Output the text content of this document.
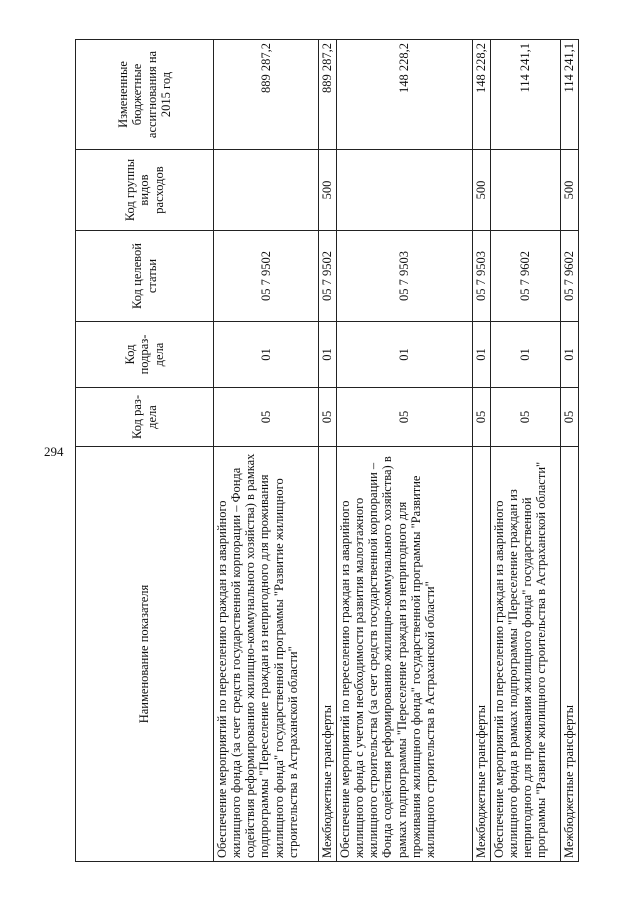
294
Наименование показателя	Код раз-дела	Код подраз-дела	Код целевой статьи	Код группы видов расходов	Измененные бюджетные ассигнования на 2015 год
Обеспечение мероприятий по переселению граждан из аварийного жилищного фонда (за счет средств государственной корпорации – Фонда содействия реформированию жилищно-коммунального хозяйства) в рамках подпрограммы "Переселение граждан из непригодного для проживания жилищного фонда" государственной программы "Развитие жилищного строительства в Астраханской области"	05	01	05 7 9502		889 287,2
Межбюджетные трансферты	05	01	05 7 9502	500	889 287,2
Обеспечение мероприятий по переселению граждан из аварийного жилищного фонда с учетом необходимости развития малоэтажного жилищного строительства (за счет средств государственной корпорации – Фонда содействия реформированию жилищно-коммунального хозяйства) в рамках подпрограммы "Переселение граждан из непригодного для проживания жилищного фонда" государственной программы "Развитие жилищного строительства в Астраханской области"	05	01	05 7 9503		148 228,2
Межбюджетные трансферты	05	01	05 7 9503	500	148 228,2
Обеспечение мероприятий по переселению граждан из аварийного жилищного фонда в рамках подпрограммы "Переселение граждан из непригодного для проживания жилищного фонда" государственной программы "Развитие жилищного строительства в Астраханской области"	05	01	05 7 9602		114 241,1
Межбюджетные трансферты	05	01	05 7 9602	500	114 241,1
